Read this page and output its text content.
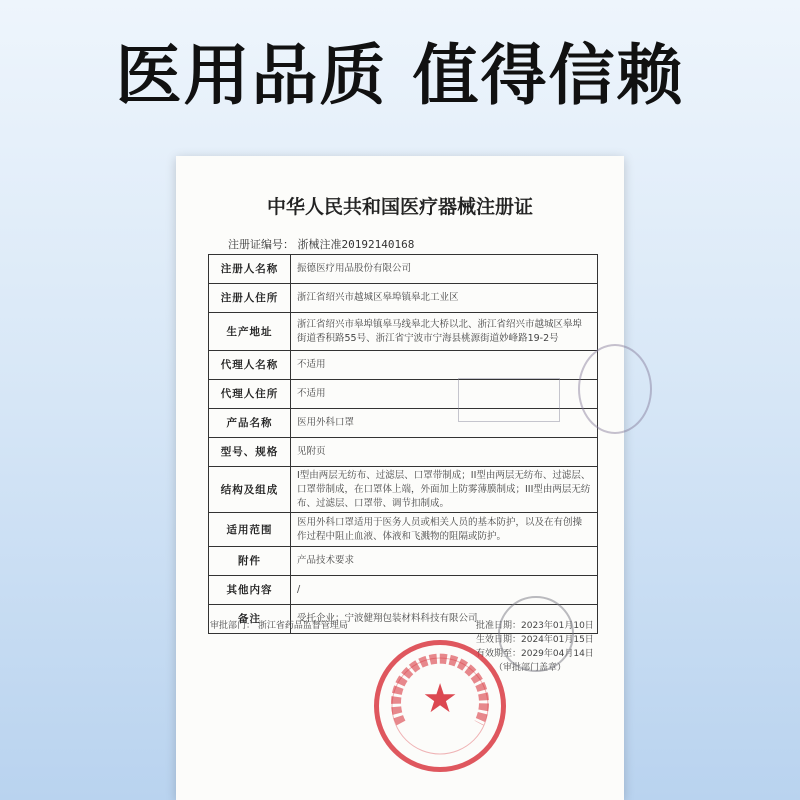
医用品质 值得信赖
中华人民共和国医疗器械注册证
注册证编号： 浙械注准20192140168
注册人名称	振德医疗用品股份有限公司
注册人住所	浙江省绍兴市越城区皋埠镇皋北工业区
生产地址	浙江省绍兴市皋埠镇皋马线皋北大桥以北、浙江省绍兴市越城区皋埠街道香积路55号、浙江省宁波市宁海县桃源街道妙峰路19-2号
代理人名称	不适用
代理人住所	不适用
产品名称	医用外科口罩
型号、规格	见附页
结构及组成	I型由两层无纺布、过滤层、口罩带制成；II型由两层无纺布、过滤层、口罩带制成，在口罩体上端，外面加上防雾薄膜制成；III型由两层无纺布、过滤层、口罩带、调节扣制成。
适用范围	医用外科口罩适用于医务人员或相关人员的基本防护，以及在有创操作过程中阻止血液、体液和飞溅物的阻隔或防护。
附件	产品技术要求
其他内容	/
备注	受托企业：宁波健翔包装材料科技有限公司
审批部门： 浙江省药品监督管理局	批准日期：2023年01月10日
生效日期：2024年01月15日
有效期至：2029年04月14日
（审批部门盖章）
★
